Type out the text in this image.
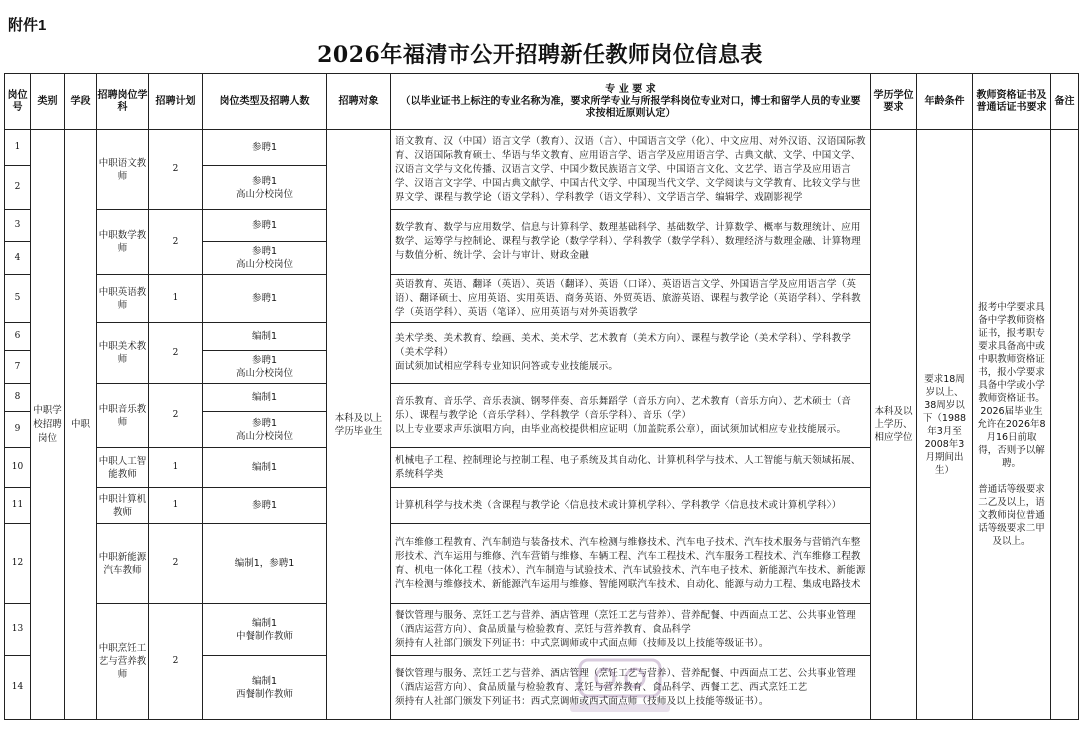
附件1
2026年福清市公开招聘新任教师岗位信息表
岗位号	类别	学段	招聘岗位学科	招聘计划	岗位类型及招聘人数	招聘对象	专 业 要 求
（以毕业证书上标注的专业名称为准，要求所学专业与所报学科岗位专业对口，博士和留学人员的专业要求按相近原则认定）	学历学位要求	年龄条件	教师资格证书及普通话证书要求	备注
1	中职学校招聘岗位	中职	中职语文教师	2	参聘1	本科及以上学历毕业生	语文教育、汉（中国）语言文学（教育）、汉语（言）、中国语言文学（化）、中文应用、对外汉语、汉语国际教育、汉语国际教育硕士、华语与华文教育、应用语言学、语言学及应用语言学、古典文献、文学、中国文学、汉语言文学与文化传播、汉语言文学、中国少数民族语言文学、中国语言文化、文艺学、语言学及应用语言学、汉语言文字学、中国古典文献学、中国古代文学、中国现当代文学、文学阅读与文学教育、比较文学与世界文学、课程与教学论（语文学科）、学科教学（语文学科）、文学语言学、编辑学、戏剧影视学	本科及以上学历、相应学位	要求18周岁以上、38周岁以下（1988年3月至2008年3月期间出生）	报考中学要求具备中学教师资格证书，报考职专要求具备高中或中职教师资格证书，报小学要求具备中学或小学教师资格证书。2026届毕业生允许在2026年8月16日前取得，否则予以解聘。

普通话等级要求二乙及以上，语文教师岗位普通话等级要求二甲及以上。	
2					参聘1
高山分校岗位						
3			中职数学教师	2	参聘1		数学教育、数学与应用数学、信息与计算科学、数理基础科学、基础数学、计算数学、概率与数理统计、应用数学、运筹学与控制论、课程与教学论（数学学科）、学科教学（数学学科）、数理经济与数理金融、计算物理与数值分析、统计学、会计与审计、财政金融				
4					参聘1
高山分校岗位						
5			中职英语教师	1	参聘1		英语教育、英语、翻译（英语）、英语（翻译）、英语（口译）、英语语言文学、外国语言学及应用语言学（英语）、翻译硕士、应用英语、实用英语、商务英语、外贸英语、旅游英语、课程与教学论（英语学科）、学科教学（英语学科）、英语（笔译）、应用英语与对外英语教学				
6			中职美术教师	2	编制1		美术学类、美术教育、绘画、美术、美术学、艺术教育（美术方向）、课程与教学论（美术学科）、学科教学（美术学科）
面试须加试相应学科专业知识问答或专业技能展示。				
7					参聘1
高山分校岗位						
8			中职音乐教师	2	编制1		音乐教育、音乐学、音乐表演、钢琴伴奏、音乐舞蹈学（音乐方向）、艺术教育（音乐方向）、艺术硕士（音乐）、课程与教学论（音乐学科）、学科教学（音乐学科）、音乐（学）
以上专业要求声乐演唱方向，由毕业高校提供相应证明（加盖院系公章），面试须加试相应专业技能展示。				
9					参聘1
高山分校岗位						
10			中职人工智能教师	1	编制1		机械电子工程、控制理论与控制工程、电子系统及其自动化、计算机科学与技术、人工智能与航天领域拓展、系统科学类				
11			中职计算机教师	1	参聘1		计算机科学与技术类（含课程与教学论〈信息技术或计算机学科〉、学科教学〈信息技术或计算机学科〉）				
12			中职新能源汽车教师	2	编制1，参聘1		汽车维修工程教育、汽车制造与装备技术、汽车检测与维修技术、汽车电子技术、汽车技术服务与营销汽车整形技术、汽车运用与维修、汽车营销与维修、车辆工程、汽车工程技术、汽车服务工程技术、汽车维修工程教育、机电一体化工程（技术）、汽车制造与试验技术、汽车试验技术、汽车电子技术、新能源汽车技术、新能源汽车检测与维修技术、新能源汽车运用与维修、智能网联汽车技术、自动化、能源与动力工程、集成电路技术				
13			中职烹饪工艺与营养教师	2	编制1
中餐制作教师		餐饮管理与服务、烹饪工艺与营养、酒店管理（烹饪工艺与营养）、营养配餐、中西面点工艺、公共事业管理（酒店运营方向）、食品质量与检验教育、烹饪与营养教育、食品科学
须持有人社部门颁发下列证书：中式烹调师或中式面点师（技师及以上技能等级证书）。				
14					编制1
西餐制作教师		餐饮管理与服务、烹饪工艺与营养、酒店管理（烹饪工艺与营养）、营养配餐、中西面点工艺、公共事业管理（酒店运营方向）、食品质量与检验教育、烹饪与营养教育、食品科学、西餐工艺、西式烹饪工艺
须持有人社部门颁发下列证书：西式烹调师或西式面点师（技师及以上技能等级证书）。				
